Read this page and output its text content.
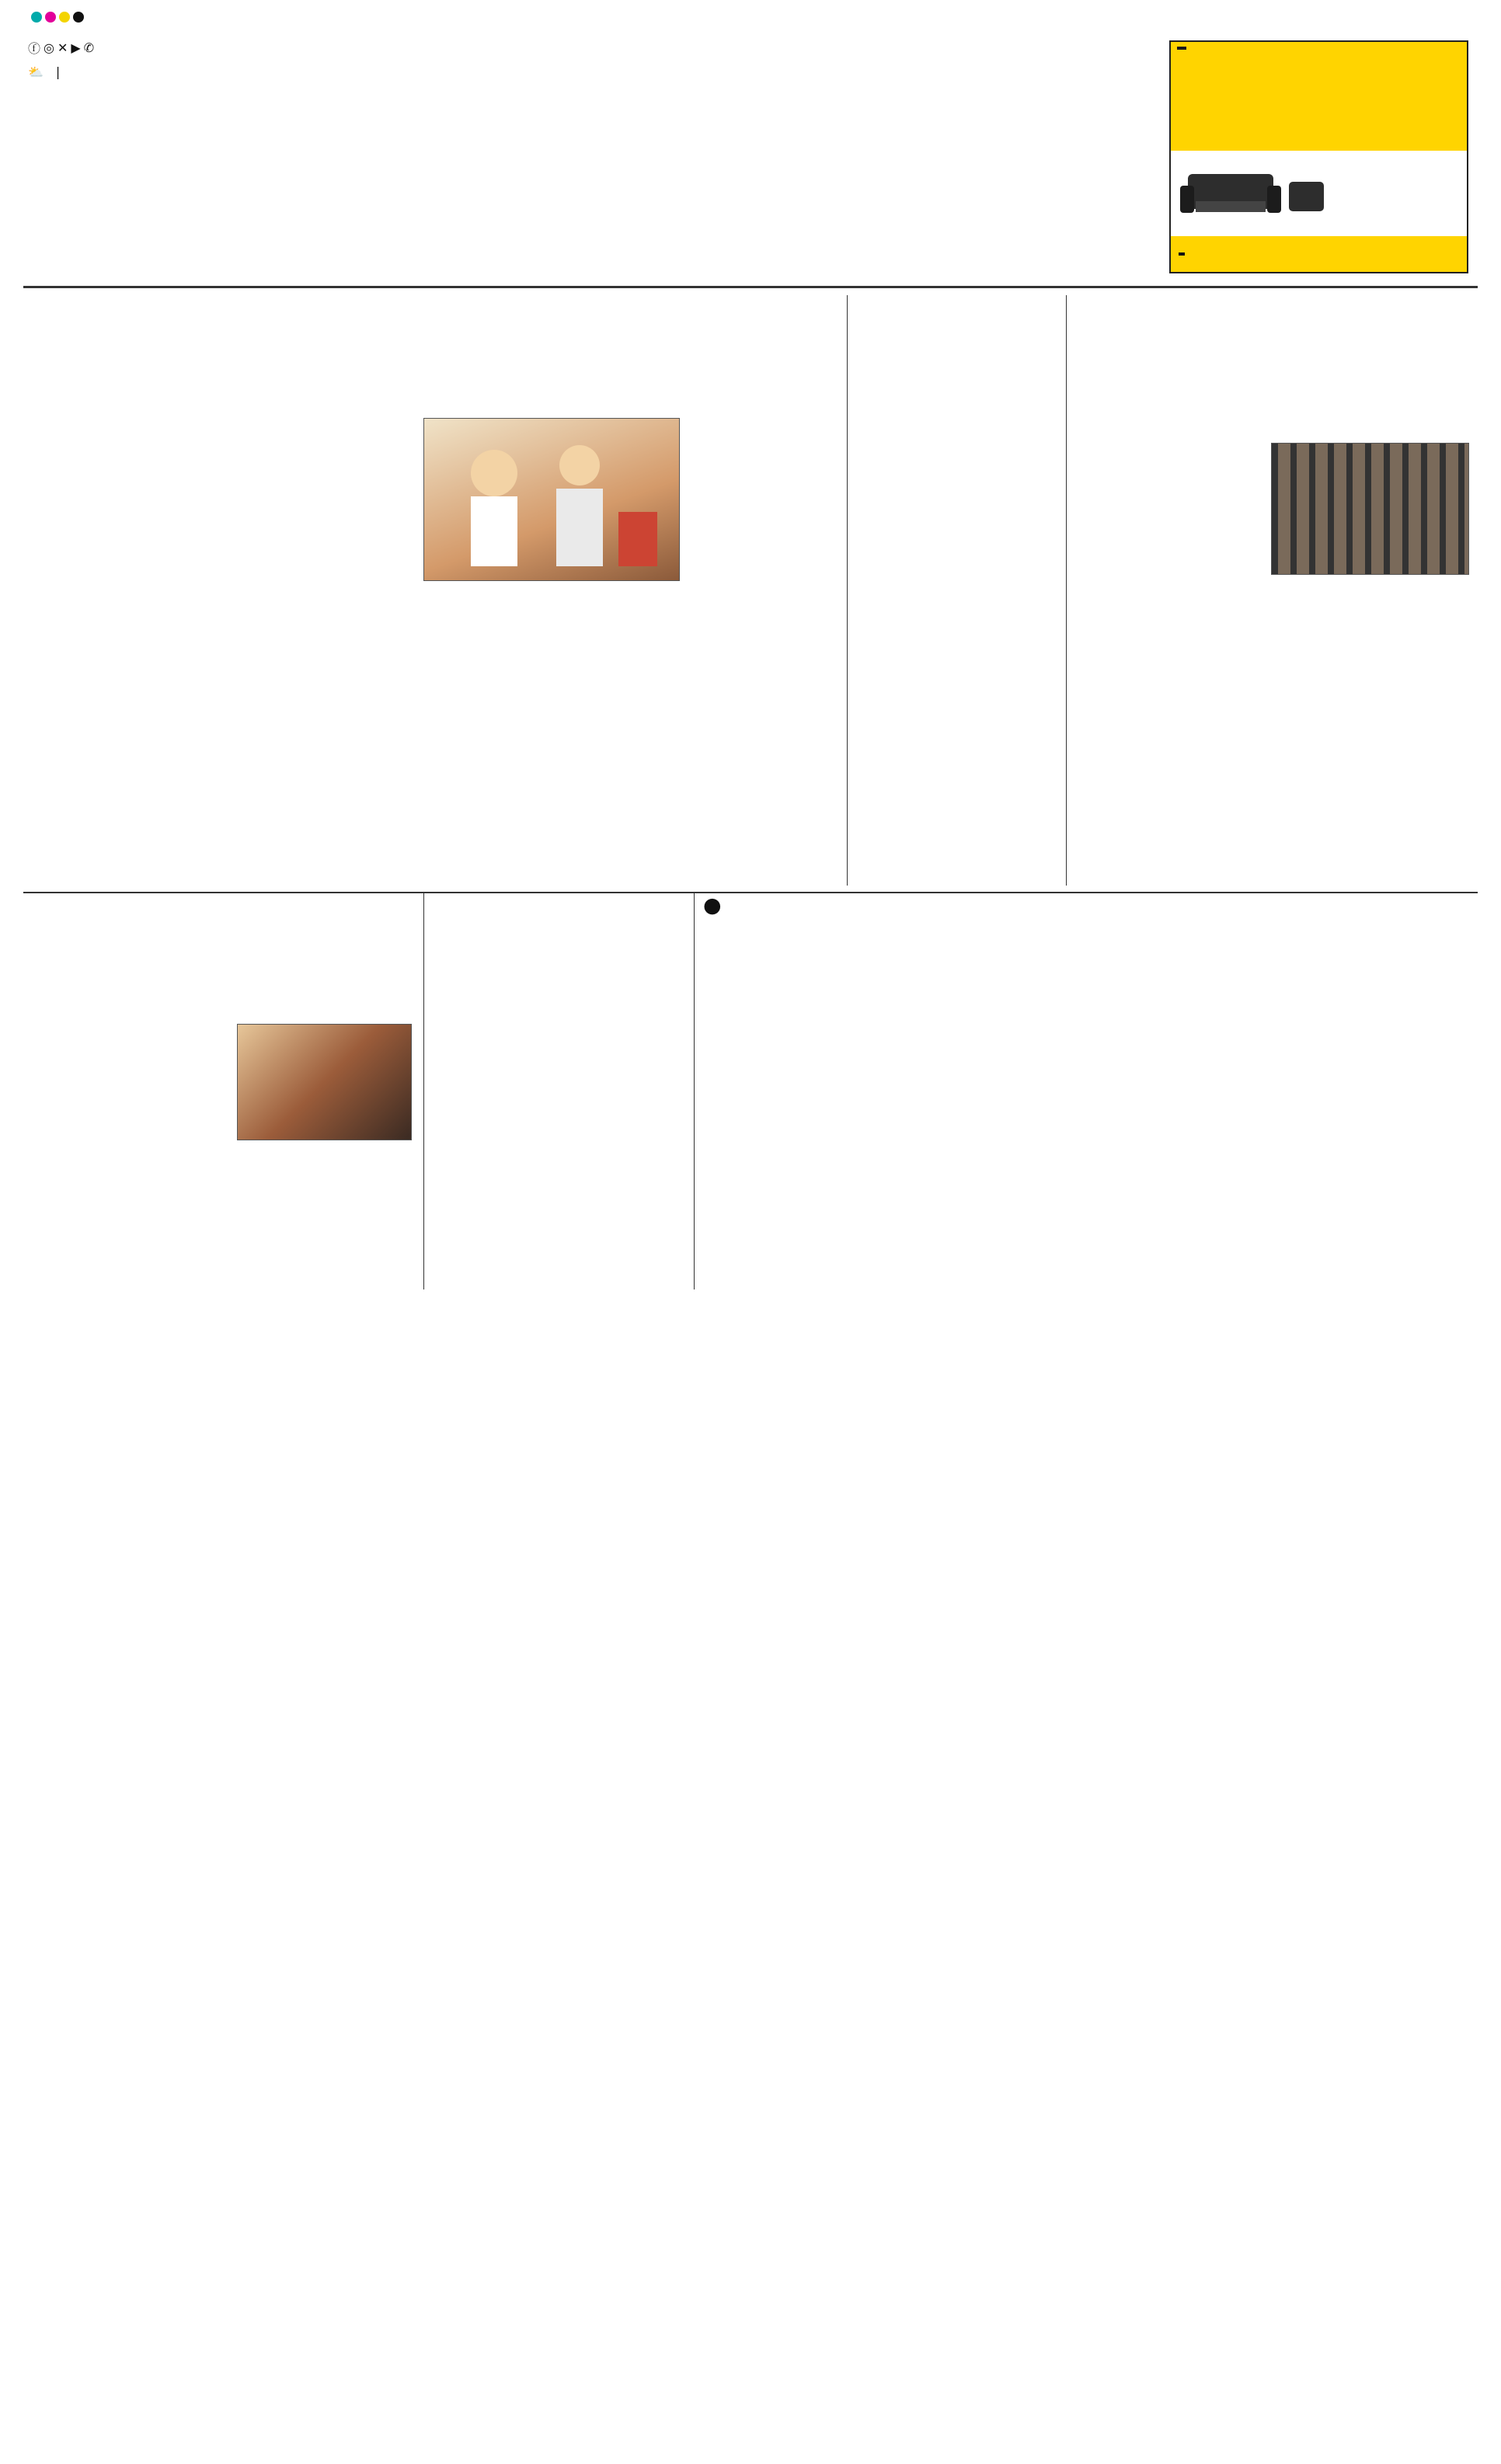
ⓕ ◎ ✕ ▶ ✆
⛅ |
●
